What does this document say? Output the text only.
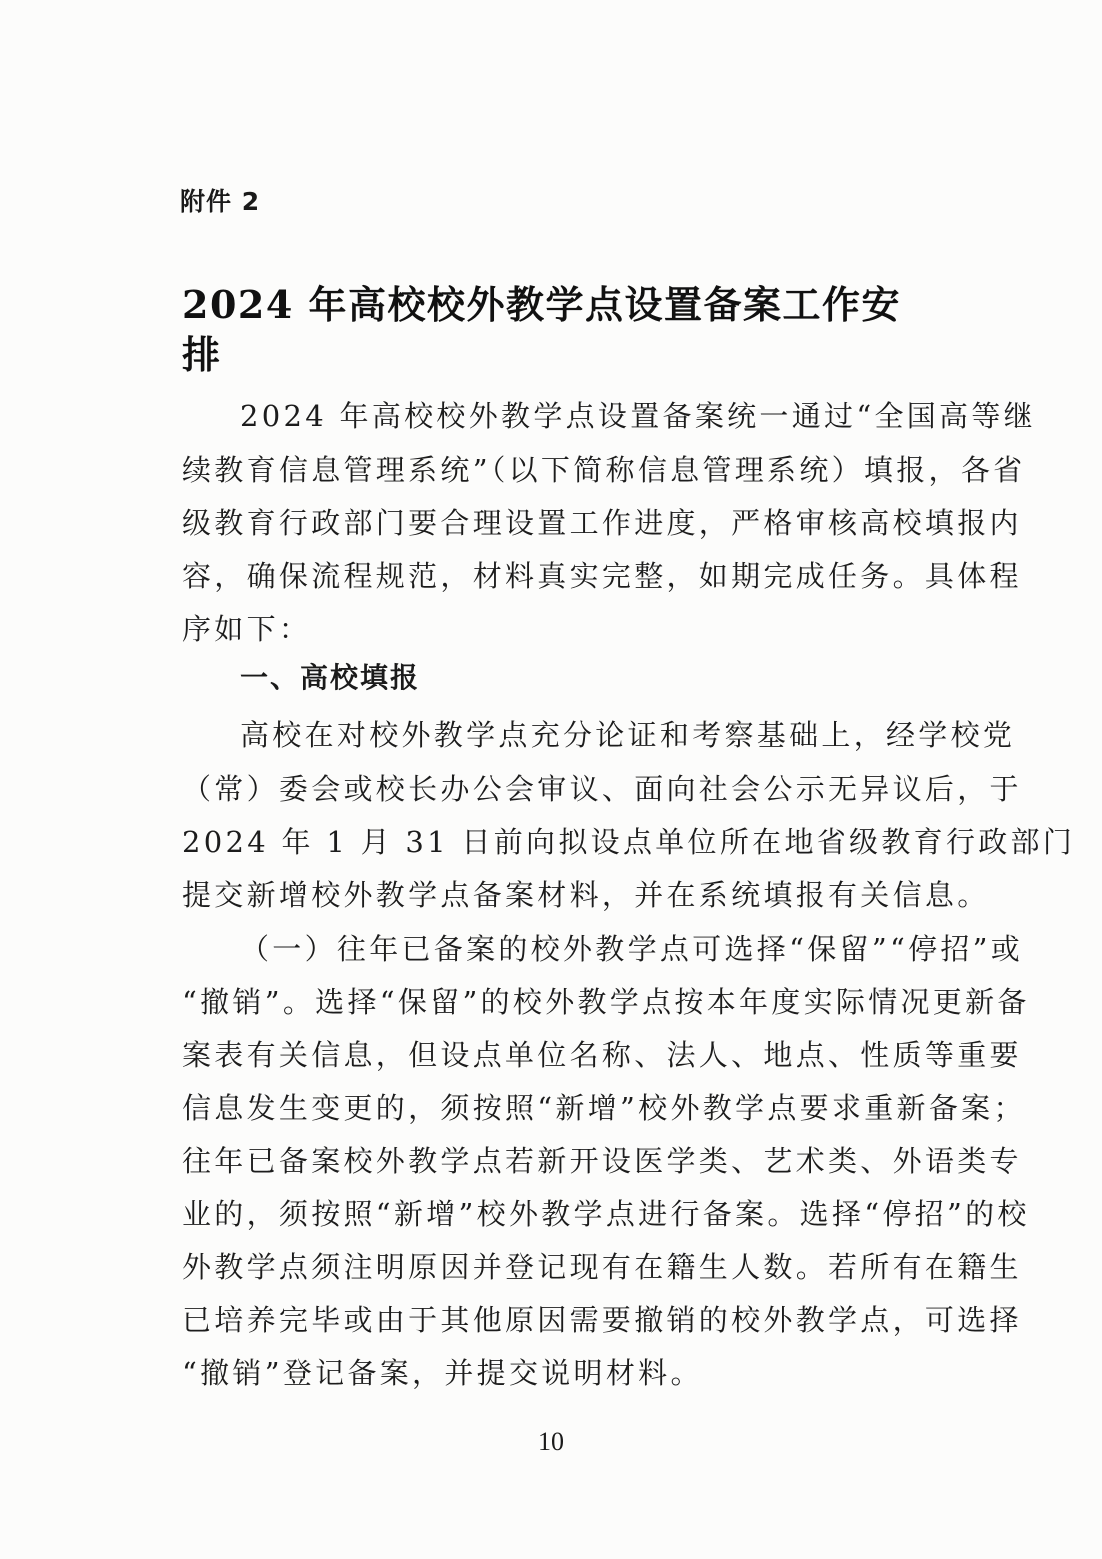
附件 2
2024 年高校校外教学点设置备案工作安排
2024 年高校校外教学点设置备案统一通过“全国高等继
续教育信息管理系统”（以下简称信息管理系统）填报，各省
级教育行政部门要合理设置工作进度，严格审核高校填报内
容，确保流程规范，材料真实完整，如期完成任务。具体程
序如下：
一、高校填报
高校在对校外教学点充分论证和考察基础上，经学校党
（常）委会或校长办公会审议、面向社会公示无异议后，于
2024 年 1 月 31 日前向拟设点单位所在地省级教育行政部门
提交新增校外教学点备案材料，并在系统填报有关信息。
（一）往年已备案的校外教学点可选择“保留”“停招”或
“撤销”。选择“保留”的校外教学点按本年度实际情况更新备
案表有关信息，但设点单位名称、法人、地点、性质等重要
信息发生变更的，须按照“新增”校外教学点要求重新备案；
往年已备案校外教学点若新开设医学类、艺术类、外语类专
业的，须按照“新增”校外教学点进行备案。选择“停招”的校
外教学点须注明原因并登记现有在籍生人数。若所有在籍生
已培养完毕或由于其他原因需要撤销的校外教学点，可选择
“撤销”登记备案，并提交说明材料。
10
